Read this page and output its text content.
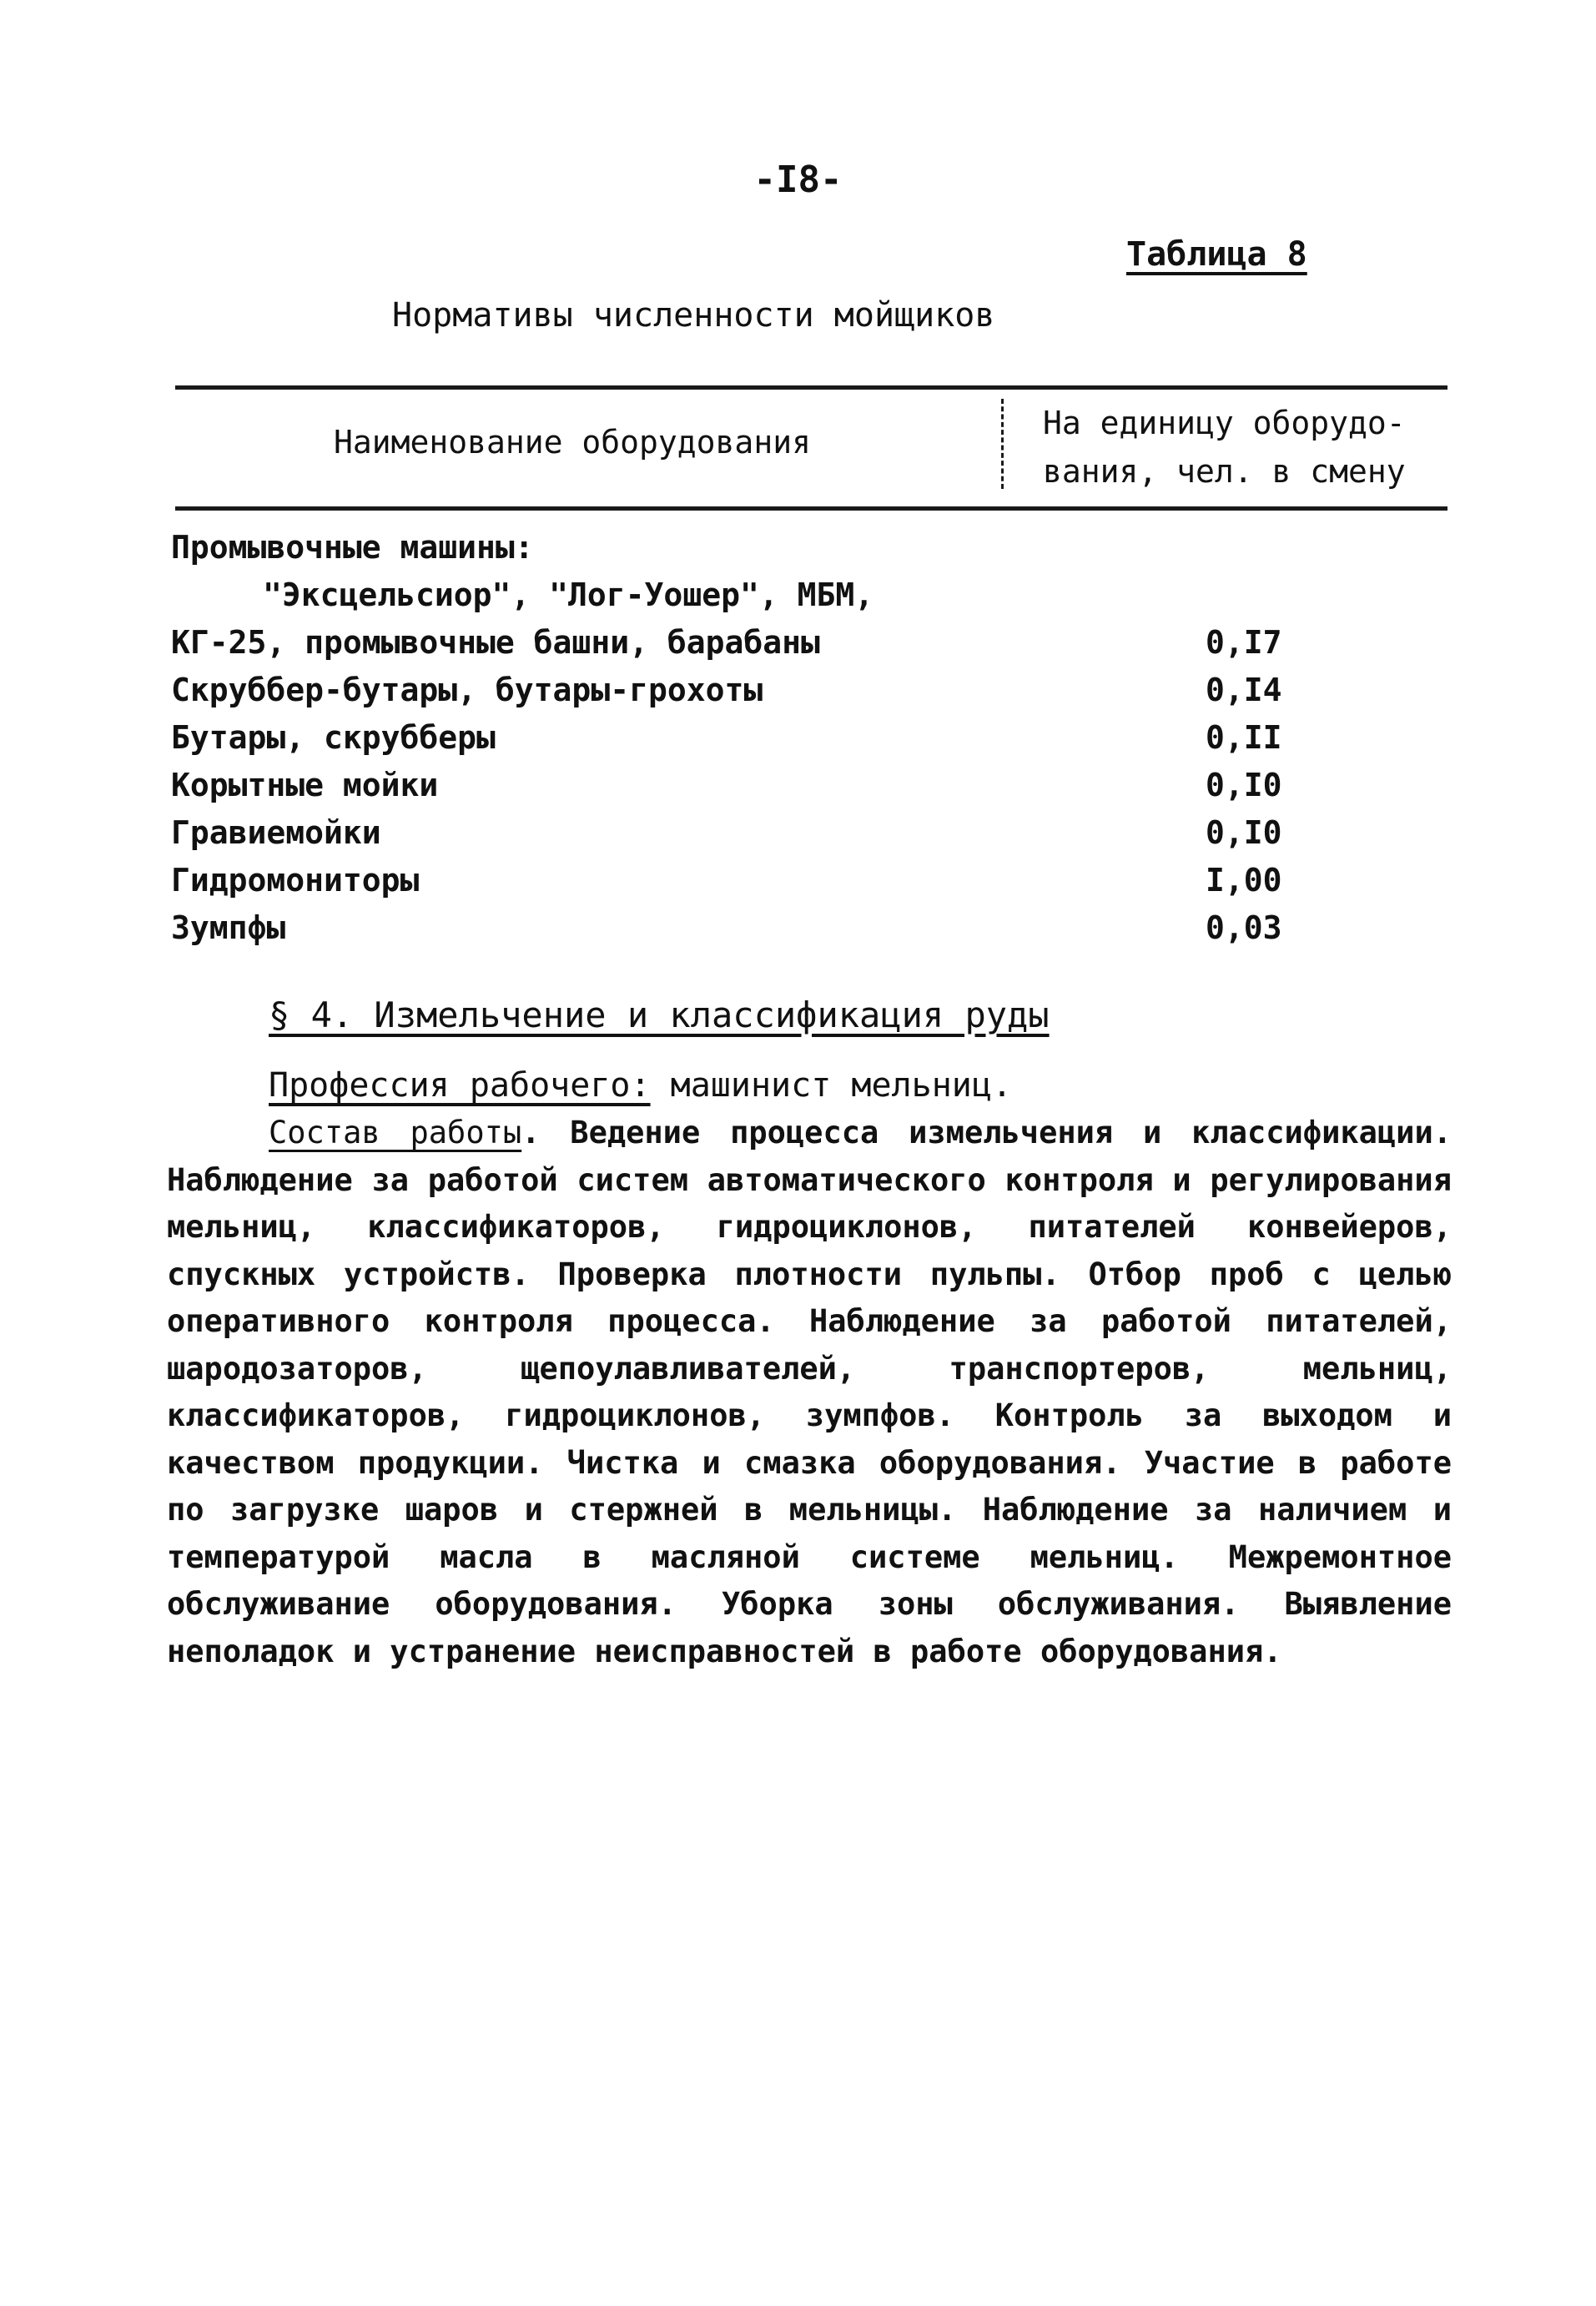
-I8-
Таблица 8
Нормативы численности мойщиков
Наименование оборудования
На единицу оборудо-
вания, чел. в смену
Промывочные машины:
"Эксцельсиор", "Лог-Уошер", МБМ,
КГ-25, промывочные башни, барабаны	0,I7
Скруббер-бутары, бутары-грохоты	0,I4
Бутары, скрубберы	0,II
Корытные мойки	0,I0
Гравиемойки	0,I0
Гидромониторы	I,00
Зумпфы	0,03
§ 4. Измельчение и классификация руды
Профессия рабочего: машинист мельниц.
Состав работы. Ведение процесса измельчения и классификации. Наблюдение за работой систем автоматического контроля и регулирования мельниц, классификаторов, гидроциклонов, питателей конвейеров, спускных устройств. Проверка плотности пульпы. Отбор проб с целью оперативного контроля процесса. Наблюдение за работой питателей, шародозаторов, щепоулавливателей, транспортеров, мельниц, классификаторов, гидроциклонов, зумпфов. Контроль за выходом и качеством продукции. Чистка и смазка оборудования. Участие в работе по загрузке шаров и стержней в мельницы. Наблюдение за наличием и температурой масла в масляной системе мельниц. Межремонтное обслуживание оборудования. Уборка зоны обслуживания. Выявление неполадок и устранение неисправностей в работе оборудования.
